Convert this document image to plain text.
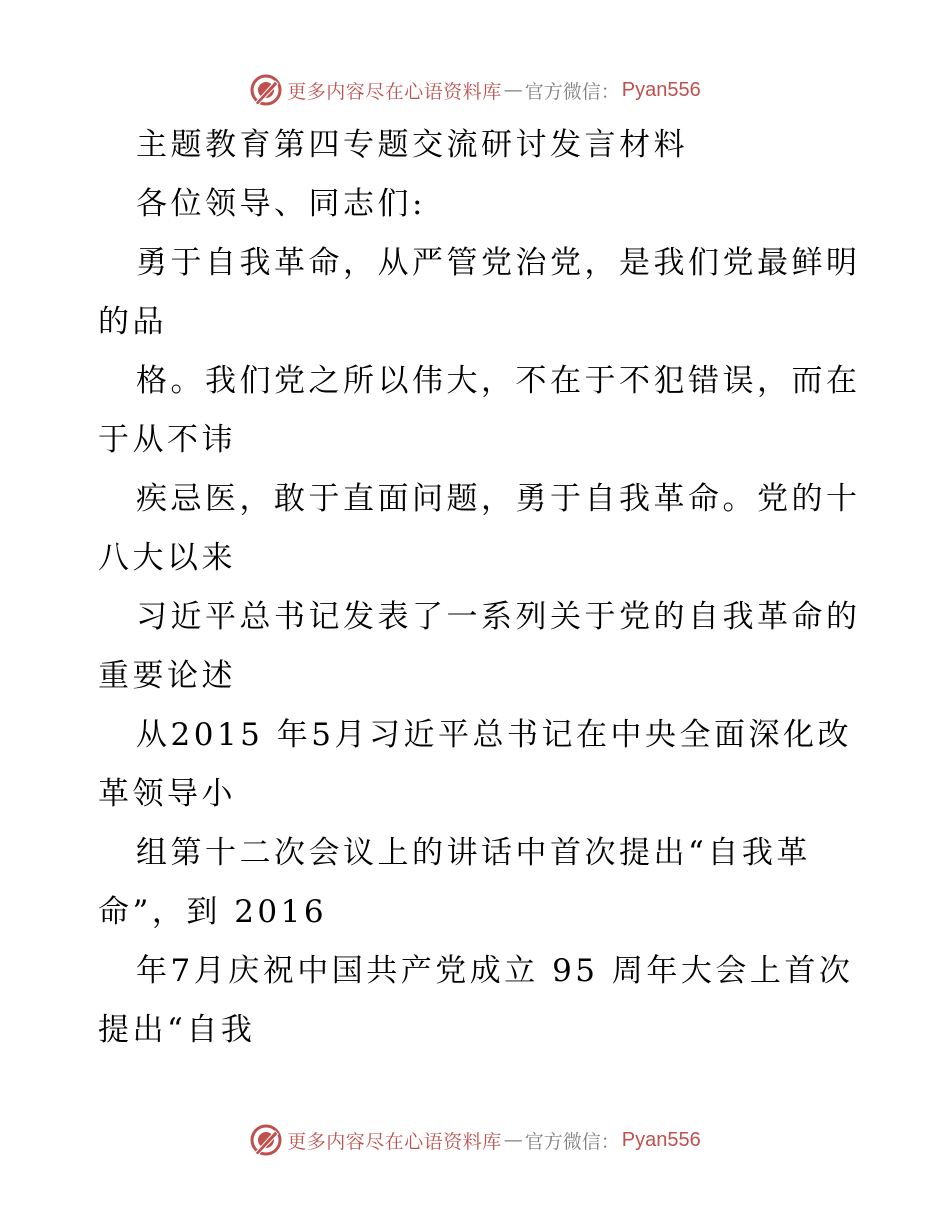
更多内容尽在心语资料库 — 官方微信： Pyan556
主题教育第四专题交流研讨发言材料
各位领导、同志们:
勇于自我革命，从严管党治党，是我们党最鲜明
的品
格。我们党之所以伟大，不在于不犯错误，而在
于从不讳
疾忌医，敢于直面问题，勇于自我革命。党的十
八大以来
习近平总书记发表了一系列关于党的自我革命的
重要论述
从2015 年5月习近平总书记在中央全面深化改
革领导小
组第十二次会议上的讲话中首次提出“自我革
命”，到 2016
年7月庆祝中国共产党成立 95 周年大会上首次
提出“自我
更多内容尽在心语资料库 — 官方微信： Pyan556
